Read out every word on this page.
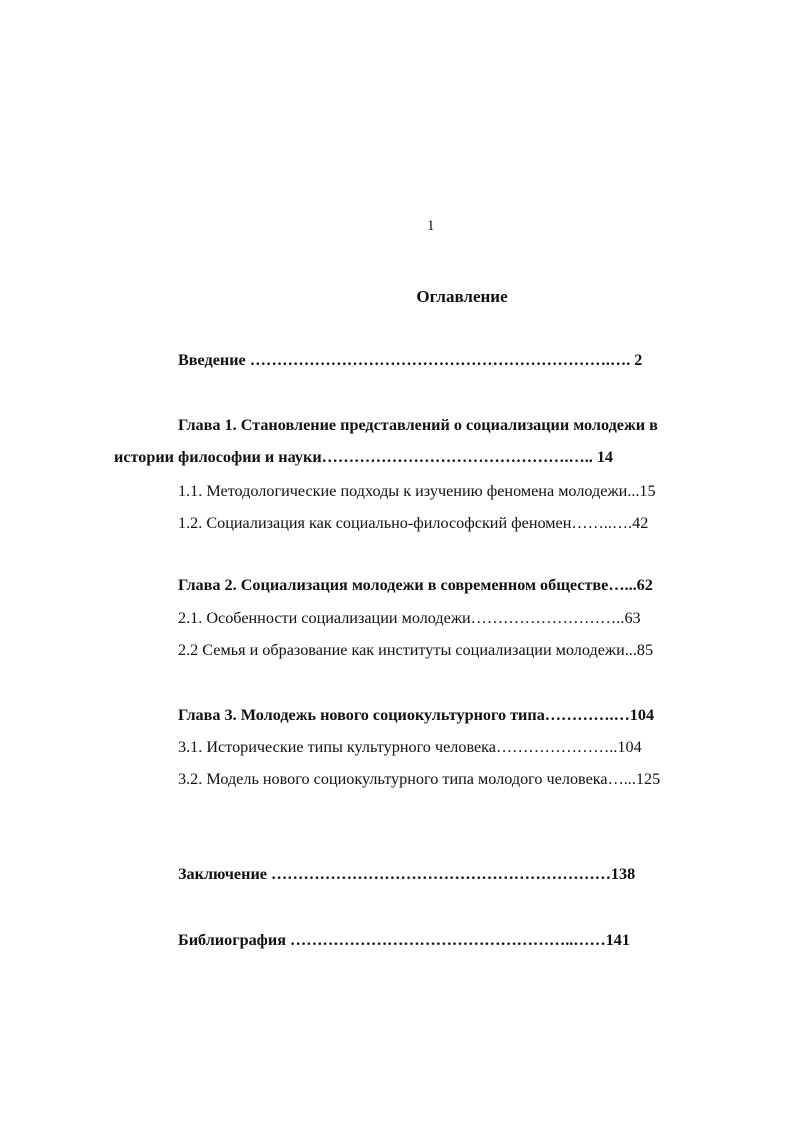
1
Оглавление
Введение ………………………………………………………….…. 2
Глава 1. Становление представлений о социализации молодежи в
истории философии и науки……………………………………….….. 14
1.1. Методологические подходы к изучению феномена молодежи...15
1.2. Социализация как социально-философский феномен……..….42
Глава 2. Социализация молодежи в современном обществе…...62
2.1. Особенности социализации молодежи………………………..63
2.2 Семья и образование как институты социализации молодежи...85
Глава 3. Молодежь нового социокультурного типа………….…104
3.1. Исторические типы культурного человека…………………..104
3.2. Модель нового социокультурного типа молодого человека…...125
Заключение ………………………………………………………138
Библиография ……………………………………………..……141
